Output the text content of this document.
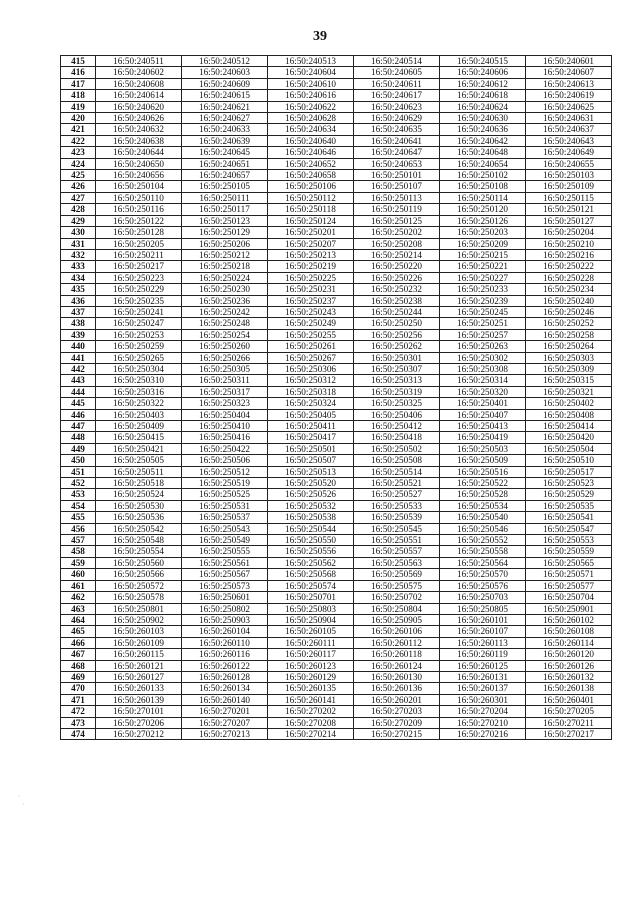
39
415	16:50:240511	16:50:240512	16:50:240513	16:50:240514	16:50:240515	16:50:240601
416	16:50:240602	16:50:240603	16:50:240604	16:50:240605	16:50:240606	16:50:240607
417	16:50:240608	16:50:240609	16:50:240610	16:50:240611	16:50:240612	16:50:240613
418	16:50:240614	16:50:240615	16:50:240616	16:50:240617	16:50:240618	16:50:240619
419	16:50:240620	16:50:240621	16:50:240622	16:50:240623	16:50:240624	16:50:240625
420	16:50:240626	16:50:240627	16:50:240628	16:50:240629	16:50:240630	16:50:240631
421	16:50:240632	16:50:240633	16:50:240634	16:50:240635	16:50:240636	16:50:240637
422	16:50:240638	16:50:240639	16:50:240640	16:50:240641	16:50:240642	16:50:240643
423	16:50:240644	16:50:240645	16:50:240646	16:50:240647	16:50:240648	16:50:240649
424	16:50:240650	16:50:240651	16:50:240652	16:50:240653	16:50:240654	16:50:240655
425	16:50:240656	16:50:240657	16:50:240658	16:50:250101	16:50:250102	16:50:250103
426	16:50:250104	16:50:250105	16:50:250106	16:50:250107	16:50:250108	16:50:250109
427	16:50:250110	16:50:250111	16:50:250112	16:50:250113	16:50:250114	16:50:250115
428	16:50:250116	16:50:250117	16:50:250118	16:50:250119	16:50:250120	16:50:250121
429	16:50:250122	16:50:250123	16:50:250124	16:50:250125	16:50:250126	16:50:250127
430	16:50:250128	16:50:250129	16:50:250201	16:50:250202	16:50:250203	16:50:250204
431	16:50:250205	16:50:250206	16:50:250207	16:50:250208	16:50:250209	16:50:250210
432	16:50:250211	16:50:250212	16:50:250213	16:50:250214	16:50:250215	16:50:250216
433	16:50:250217	16:50:250218	16:50:250219	16:50:250220	16:50:250221	16:50:250222
434	16:50:250223	16:50:250224	16:50:250225	16:50:250226	16:50:250227	16:50:250228
435	16:50:250229	16:50:250230	16:50:250231	16:50:250232	16:50:250233	16:50:250234
436	16:50:250235	16:50:250236	16:50:250237	16:50:250238	16:50:250239	16:50:250240
437	16:50:250241	16:50:250242	16:50:250243	16:50:250244	16:50:250245	16:50:250246
438	16:50:250247	16:50:250248	16:50:250249	16:50:250250	16:50:250251	16:50:250252
439	16:50:250253	16:50:250254	16:50:250255	16:50:250256	16:50:250257	16:50:250258
440	16:50:250259	16:50:250260	16:50:250261	16:50:250262	16:50:250263	16:50:250264
441	16:50:250265	16:50:250266	16:50:250267	16:50:250301	16:50:250302	16:50:250303
442	16:50:250304	16:50:250305	16:50:250306	16:50:250307	16:50:250308	16:50:250309
443	16:50:250310	16:50:250311	16:50:250312	16:50:250313	16:50:250314	16:50:250315
444	16:50:250316	16:50:250317	16:50:250318	16:50:250319	16:50:250320	16:50:250321
445	16:50:250322	16:50:250323	16:50:250324	16:50:250325	16:50:250401	16:50:250402
446	16:50:250403	16:50:250404	16:50:250405	16:50:250406	16:50:250407	16:50:250408
447	16:50:250409	16:50:250410	16:50:250411	16:50:250412	16:50:250413	16:50:250414
448	16:50:250415	16:50:250416	16:50:250417	16:50:250418	16:50:250419	16:50:250420
449	16:50:250421	16:50:250422	16:50:250501	16:50:250502	16:50:250503	16:50:250504
450	16:50:250505	16:50:250506	16:50:250507	16:50:250508	16:50:250509	16:50:250510
451	16:50:250511	16:50:250512	16:50:250513	16:50:250514	16:50:250516	16:50:250517
452	16:50:250518	16:50:250519	16:50:250520	16:50:250521	16:50:250522	16:50:250523
453	16:50:250524	16:50:250525	16:50:250526	16:50:250527	16:50:250528	16:50:250529
454	16:50:250530	16:50:250531	16:50:250532	16:50:250533	16:50:250534	16:50:250535
455	16:50:250536	16:50:250537	16:50:250538	16:50:250539	16:50:250540	16:50:250541
456	16:50:250542	16:50:250543	16:50:250544	16:50:250545	16:50:250546	16:50:250547
457	16:50:250548	16:50:250549	16:50:250550	16:50:250551	16:50:250552	16:50:250553
458	16:50:250554	16:50:250555	16:50:250556	16:50:250557	16:50:250558	16:50:250559
459	16:50:250560	16:50:250561	16:50:250562	16:50:250563	16:50:250564	16:50:250565
460	16:50:250566	16:50:250567	16:50:250568	16:50:250569	16:50:250570	16:50:250571
461	16:50:250572	16:50:250573	16:50:250574	16:50:250575	16:50:250576	16:50:250577
462	16:50:250578	16:50:250601	16:50:250701	16:50:250702	16:50:250703	16:50:250704
463	16:50:250801	16:50:250802	16:50:250803	16:50:250804	16:50:250805	16:50:250901
464	16:50:250902	16:50:250903	16:50:250904	16:50:250905	16:50:260101	16:50:260102
465	16:50:260103	16:50:260104	16:50:260105	16:50:260106	16:50:260107	16:50:260108
466	16:50:260109	16:50:260110	16:50:260111	16:50:260112	16:50:260113	16:50:260114
467	16:50:260115	16:50:260116	16:50:260117	16:50:260118	16:50:260119	16:50:260120
468	16:50:260121	16:50:260122	16:50:260123	16:50:260124	16:50:260125	16:50:260126
469	16:50:260127	16:50:260128	16:50:260129	16:50:260130	16:50:260131	16:50:260132
470	16:50:260133	16:50:260134	16:50:260135	16:50:260136	16:50:260137	16:50:260138
471	16:50:260139	16:50:260140	16:50:260141	16:50:260201	16:50:260301	16:50:260401
472	16:50:270101	16:50:270201	16:50:270202	16:50:270203	16:50:270204	16:50:270205
473	16:50:270206	16:50:270207	16:50:270208	16:50:270209	16:50:270210	16:50:270211
474	16:50:270212	16:50:270213	16:50:270214	16:50:270215	16:50:270216	16:50:270217
·
·
